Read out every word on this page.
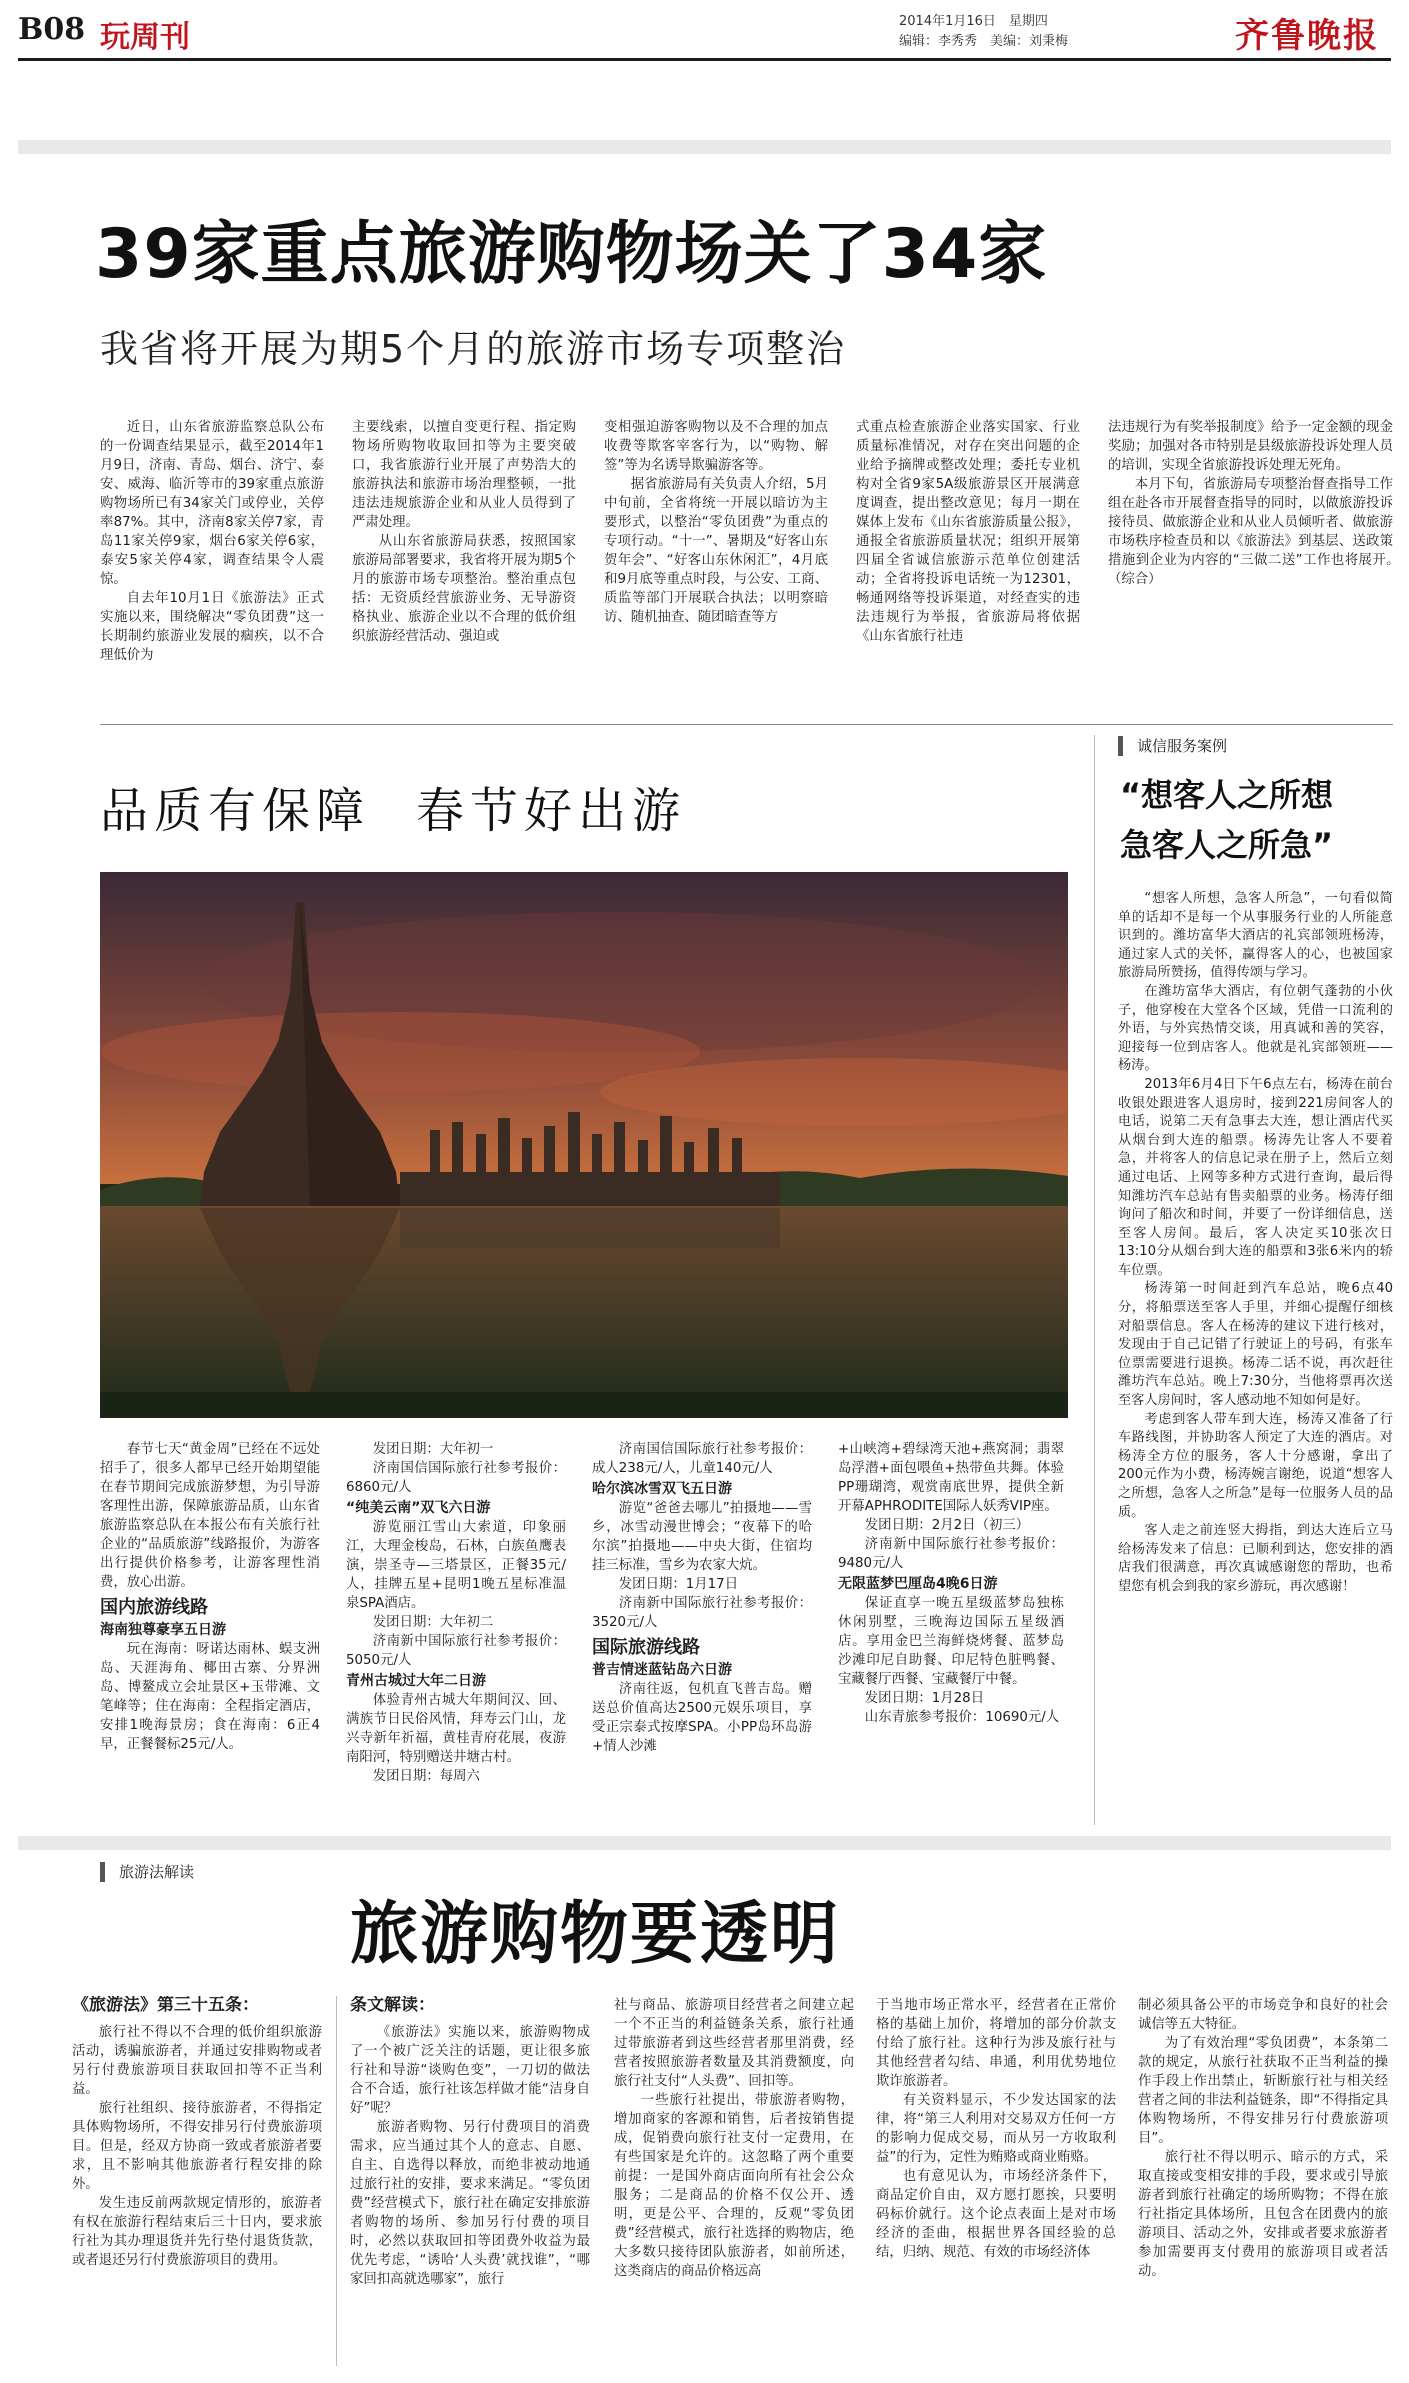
B08 玩周刊	2014年1月16日　星期四
编辑：李秀秀　美编：刘秉梅	齐鲁晚报
39家重点旅游购物场关了34家
我省将开展为期5个月的旅游市场专项整治

近日，山东省旅游监察总队公布的一份调查结果显示，截至2014年1月9日，济南、青岛、烟台、济宁、泰安、威海、临沂等市的39家重点旅游购物场所已有34家关门或停业，关停率87%。其中，济南8家关停7家，青岛11家关停9家，烟台6家关停6家，泰安5家关停4家，调查结果令人震惊。

自去年10月1日《旅游法》正式实施以来，围绕解决“零负团费”这一长期制约旅游业发展的痼疾，以不合理低价为

主要线索，以擅自变更行程、指定购物场所购物收取回扣等为主要突破口，我省旅游行业开展了声势浩大的旅游执法和旅游市场治理整顿，一批违法违规旅游企业和从业人员得到了严肃处理。

从山东省旅游局获悉，按照国家旅游局部署要求，我省将开展为期5个月的旅游市场专项整治。整治重点包括：无资质经营旅游业务、无导游资格执业、旅游企业以不合理的低价组织旅游经营活动、强迫或

变相强迫游客购物以及不合理的加点收费等欺客宰客行为，以“购物、解签”等为名诱导欺骗游客等。

据省旅游局有关负责人介绍，5月中旬前，全省将统一开展以暗访为主要形式，以整治“零负团费”为重点的专项行动。“十一”、暑期及“好客山东贺年会”、“好客山东休闲汇”，4月底和9月底等重点时段，与公安、工商、质监等部门开展联合执法；以明察暗访、随机抽查、随团暗查等方

式重点检查旅游企业落实国家、行业质量标准情况，对存在突出问题的企业给予摘牌或整改处理；委托专业机构对全省9家5A级旅游景区开展满意度调查，提出整改意见；每月一期在媒体上发布《山东省旅游质量公报》，通报全省旅游质量状况；组织开展第四届全省诚信旅游示范单位创建活动；全省将投诉电话统一为12301，畅通网络等投诉渠道，对经查实的违法违规行为举报，省旅游局将依据《山东省旅行社违

法违规行为有奖举报制度》给予一定金额的现金奖励；加强对各市特别是县级旅游投诉处理人员的培训，实现全省旅游投诉处理无死角。

本月下旬，省旅游局专项整治督查指导工作组在赴各市开展督查指导的同时，以做旅游投诉接待员、做旅游企业和从业人员倾听者、做旅游市场秩序检查员和以《旅游法》到基层、送政策措施到企业为内容的“三做二送”工作也将展开。　　（综合）

品质有保障 春节好出游

春节七天“黄金周”已经在不远处招手了，很多人都早已经开始期望能在春节期间完成旅游梦想，为引导游客理性出游，保障旅游品质，山东省旅游监察总队在本报公布有关旅行社企业的“品质旅游”线路报价，为游客出行提供价格参考，让游客理性消费，放心出游。

国内旅游线路

海南独尊豪享五日游

玩在海南：呀诺达雨林、蜈支洲岛、天涯海角、椰田古寨、分界洲岛、博鳌成立会址景区+玉带滩、文笔峰等；住在海南：全程指定酒店，安排1晚海景房；食在海南：6正4早，正餐餐标25元/人。

发团日期：大年初一

济南国信国际旅行社参考报价：6860元/人

“纯美云南”双飞六日游

游览丽江雪山大索道，印象丽江，大理金梭岛，石林，白族鱼鹰表演，崇圣寺—三塔景区，正餐35元/人，挂牌五星+昆明1晚五星标准温泉SPA酒店。

发团日期：大年初二

济南新中国际旅行社参考报价：5050元/人

青州古城过大年二日游

体验青州古城大年期间汉、回、满族节日民俗风情，拜寿云门山，龙兴寺新年祈福，黄桂青府花展，夜游南阳河，特别赠送井塘古村。

发团日期：每周六

济南国信国际旅行社参考报价：成人238元/人，儿童140元/人

哈尔滨冰雪双飞五日游

游览“爸爸去哪儿”拍摄地——雪乡，冰雪动漫世博会；“夜幕下的哈尔滨”拍摄地——中央大街，住宿均挂三标准，雪乡为农家大炕。

发团日期：1月17日

济南新中国际旅行社参考报价：3520元/人

国际旅游线路

普吉情迷蓝钻岛六日游

济南往返，包机直飞普吉岛。赠送总价值高达2500元娱乐项目，享受正宗泰式按摩SPA。小PP岛环岛游+情人沙滩

+山峡湾+碧绿湾天池+燕窝洞；翡翠岛浮潜+面包喂鱼+热带鱼共舞。体验PP珊瑚湾，观赏南底世界，提供全新开幕APHRODITE国际人妖秀VIP座。

发团日期：2月2日（初三）

济南新中国际旅行社参考报价：9480元/人

无限蓝梦巴厘岛4晚6日游

保证直享一晚五星级蓝梦岛独栋休闲别墅，三晚海边国际五星级酒店。享用金巴兰海鲜烧烤餐、蓝梦岛沙滩印尼自助餐、印尼特色脏鸭餐、宝藏餐厅西餐、宝藏餐厅中餐。

发团日期：1月28日

山东青旅参考报价：10690元/人

诚信服务案例
“想客人之所想
急客人之所急”

“想客人所想，急客人所急”，一句看似简单的话却不是每一个从事服务行业的人所能意识到的。潍坊富华大酒店的礼宾部领班杨涛，通过家人式的关怀，赢得客人的心，也被国家旅游局所赞扬，值得传颂与学习。

在潍坊富华大酒店，有位朝气蓬勃的小伙子，他穿梭在大堂各个区域，凭借一口流利的外语，与外宾热情交谈，用真诚和善的笑容，迎接每一位到店客人。他就是礼宾部领班——杨涛。

2013年6月4日下午6点左右，杨涛在前台收银处跟进客人退房时，接到221房间客人的电话，说第二天有急事去大连，想让酒店代买从烟台到大连的船票。杨涛先让客人不要着急，并将客人的信息记录在册子上，然后立刻通过电话、上网等多种方式进行查询，最后得知潍坊汽车总站有售卖船票的业务。杨涛仔细询问了船次和时间，并要了一份详细信息，送至客人房间。最后，客人决定买10张次日13:10分从烟台到大连的船票和3张6米内的轿车位票。

杨涛第一时间赶到汽车总站，晚6点40分，将船票送至客人手里，并细心提醒仔细核对船票信息。客人在杨涛的建议下进行核对，发现由于自己记错了行驶证上的号码，有张车位票需要进行退换。杨涛二话不说，再次赶往潍坊汽车总站。晚上7:30分，当他将票再次送至客人房间时，客人感动地不知如何是好。

考虑到客人带车到大连，杨涛又准备了行车路线图，并协助客人预定了大连的酒店。对杨涛全方位的服务，客人十分感谢，拿出了200元作为小费，杨涛婉言谢绝，说道“想客人之所想，急客人之所急”是每一位服务人员的品质。

客人走之前连竖大拇指，到达大连后立马给杨涛发来了信息：已顺利到达，您安排的酒店我们很满意，再次真诚感谢您的帮助，也希望您有机会到我的家乡游玩，再次感谢！

旅游法解读
旅游购物要透明
《旅游法》第三十五条：

旅行社不得以不合理的低价组织旅游活动，诱骗旅游者，并通过安排购物或者另行付费旅游项目获取回扣等不正当利益。

旅行社组织、接待旅游者，不得指定具体购物场所，不得安排另行付费旅游项目。但是，经双方协商一致或者旅游者要求，且不影响其他旅游者行程安排的除外。

发生违反前两款规定情形的，旅游者有权在旅游行程结束后三十日内，要求旅行社为其办理退货并先行垫付退货货款，或者退还另行付费旅游项目的费用。

条文解读：

《旅游法》实施以来，旅游购物成了一个被广泛关注的话题，更让很多旅行社和导游“谈购色变”，一刀切的做法合不合适，旅行社该怎样做才能“洁身自好”呢？

旅游者购物、另行付费项目的消费需求，应当通过其个人的意志、自愿、自主、自选得以释放，而绝非被动地通过旅行社的安排，要求来满足。“零负团费”经营模式下，旅行社在确定安排旅游者购物的场所、参加另行付费的项目时，必然以获取回扣等团费外收益为最优先考虑，“诱哈‘人头费’就找谁”，“哪家回扣高就选哪家”，旅行

社与商品、旅游项目经营者之间建立起一个不正当的利益链条关系，旅行社通过带旅游者到这些经营者那里消费，经营者按照旅游者数量及其消费额度，向旅行社支付“人头费”、回扣等。

一些旅行社提出，带旅游者购物，增加商家的客源和销售，后者按销售提成，促销费向旅行社支付一定费用，在有些国家是允许的。这忽略了两个重要前提：一是国外商店面向所有社会公众服务；二是商品的价格不仅公开、透明，更是公平、合理的，反观“零负团费”经营模式，旅行社选择的购物店，绝大多数只接待团队旅游者，如前所述，这类商店的商品价格远高

于当地市场正常水平，经营者在正常价格的基础上加价，将增加的部分价款支付给了旅行社。这种行为涉及旅行社与其他经营者勾结、串通，利用优势地位欺诈旅游者。

有关资料显示，不少发达国家的法律，将“第三人利用对交易双方任何一方的影响力促成交易，而从另一方收取利益”的行为，定性为贿赂或商业贿赂。

也有意见认为，市场经济条件下，商品定价自由，双方愿打愿挨，只要明码标价就行。这个论点表面上是对市场经济的歪曲，根据世界各国经验的总结，归纳、规范、有效的市场经济体

制必须具备公平的市场竞争和良好的社会诚信等五大特征。

为了有效治理“零负团费”，本条第二款的规定，从旅行社获取不正当利益的操作手段上作出禁止，斩断旅行社与相关经营者之间的非法利益链条，即“不得指定具体购物场所，不得安排另行付费旅游项目”。

旅行社不得以明示、暗示的方式，采取直接或变相安排的手段，要求或引导旅游者到旅行社确定的场所购物；不得在旅行社指定具体场所，且包含在团费内的旅游项目、活动之外，安排或者要求旅游者参加需要再支付费用的旅游项目或者活动。
